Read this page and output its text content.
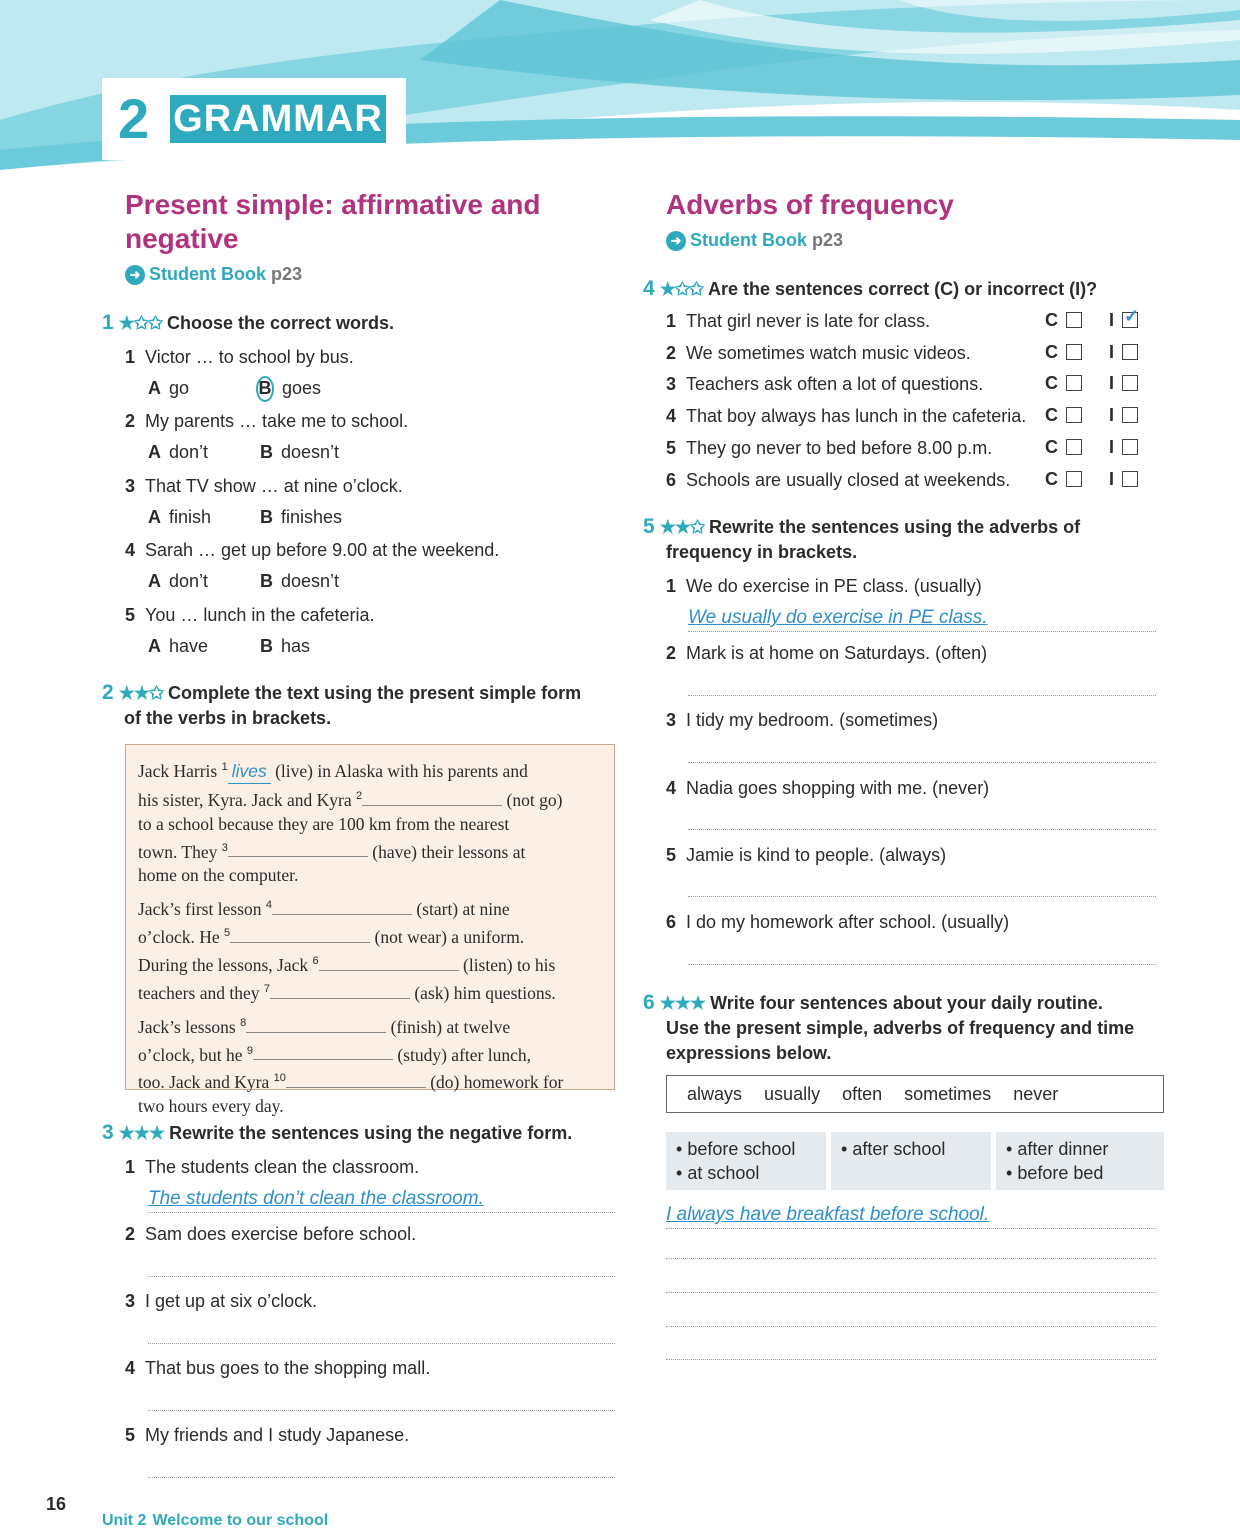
2 GRAMMAR
Present simple: affirmative and
negative
➜ Student Book p23
1 ★✩✩ Choose the correct words.
1 Victor … to school by bus.
A go	B goes
2 My parents … take me to school.
A don’t	B doesn’t
3 That TV show … at nine o’clock.
A finish	B finishes
4 Sarah … get up before 9.00 at the weekend.
A don’t	B doesn’t
5 You … lunch in the cafeteria.
A have	B has
2 ★★✩ Complete the text using the present simple form
of the verbs in brackets.

Jack Harris $^1$ lives (live) in Alaska with his parents and
his sister, Kyra. Jack and Kyra $^2$	(not go)
to a school because they are 100 km from the nearest
town. They $^3$	(have) their lessons at
home on the computer.

Jack’s first lesson $^4$	(start) at nine
o’clock. He $^5$	(not wear) a uniform.
During the lessons, Jack $^6$	(listen) to his
teachers and they $^7$	(ask) him questions.

Jack’s lessons $^8$	(finish) at twelve
o’clock, but he $^9$	(study) after lunch,
too. Jack and Kyra $^{10}$	(do) homework for
two hours every day.

3 ★★★ Rewrite the sentences using the negative form.
1 The students clean the classroom.
The students don’t clean the classroom.
2 Sam does exercise before school.
3 I get up at six o’clock.
4 That bus goes to the shopping mall.
5 My friends and I study Japanese.
Adverbs of frequency
➜ Student Book p23
4 ★✩✩ Are the sentences correct (C) or incorrect (I)?
1 That girl never is late for class.	C	I ✓
2 We sometimes watch music videos.	C	I
3 Teachers ask often a lot of questions.	C	I
4 That boy always has lunch in the cafeteria. C	I
5 They go never to bed before 8.00 p.m.	C	I
6 Schools are usually closed at weekends. C	I
5 ★★✩ Rewrite the sentences using the adverbs of
frequency in brackets.
1 We do exercise in PE class. (usually)
We usually do exercise in PE class.
2 Mark is at home on Saturdays. (often)
3 I tidy my bedroom. (sometimes)
4 Nadia goes shopping with me. (never)
5 Jamie is kind to people. (always)
6 I do my homework after school. (usually)
6 ★★★ Write four sentences about your daily routine.
Use the present simple, adverbs of frequency and time
expressions below.
always usually often sometimes never
• before school
• at school
• after school	• after dinner
• before bed
I always have breakfast before school.
16
Unit 2 Welcome to our school
